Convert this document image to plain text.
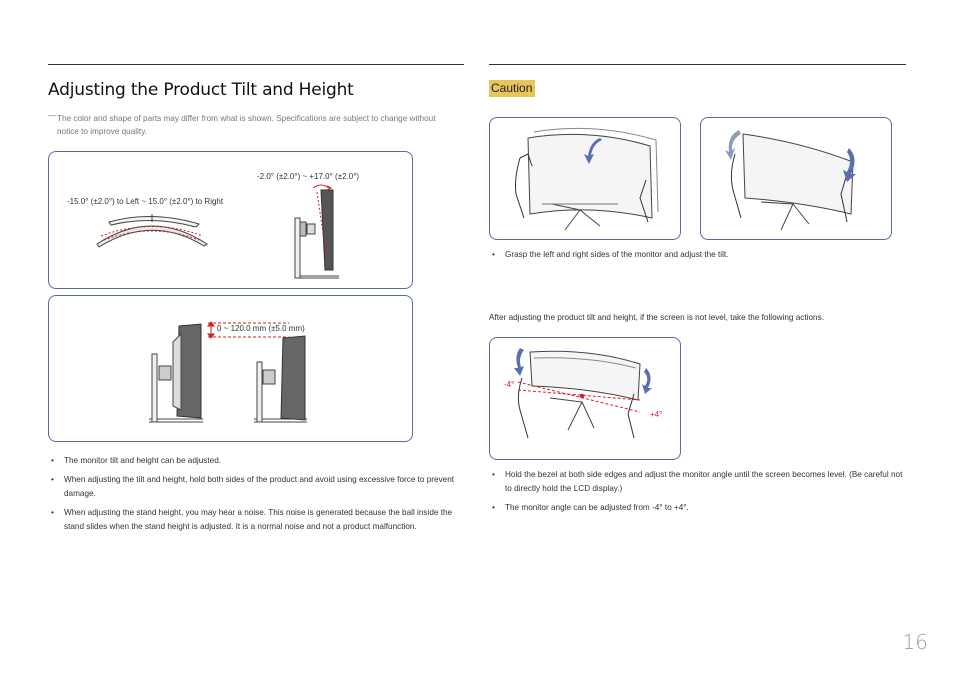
Adjusting the Product Tilt and Height
― The color and shape of parts may differ from what is shown. Specifications are subject to change without notice to improve quality.
-15.0° (±2.0°) to Left ~ 15.0° (±2.0°) to Right
-2.0° (±2.0°) ~ +17.0° (±2.0°)
0 ~ 120.0 mm (±5.0 mm)
• The monitor tilt and height can be adjusted.
• When adjusting the tilt and height, hold both sides of the product and avoid using excessive force to prevent damage.
• When adjusting the stand height, you may hear a noise. This noise is generated because the ball inside the stand slides when the stand height is adjusted. It is a normal noise and not a product malfunction.
Caution
• Grasp the left and right sides of the monitor and adjust the tilt.
After adjusting the product tilt and height, if the screen is not level, take the following actions.
-4°
+4°
• Hold the bezel at both side edges and adjust the monitor angle until the screen becomes level. (Be careful not to directly hold the LCD display.)
• The monitor angle can be adjusted from -4° to +4°.
16
